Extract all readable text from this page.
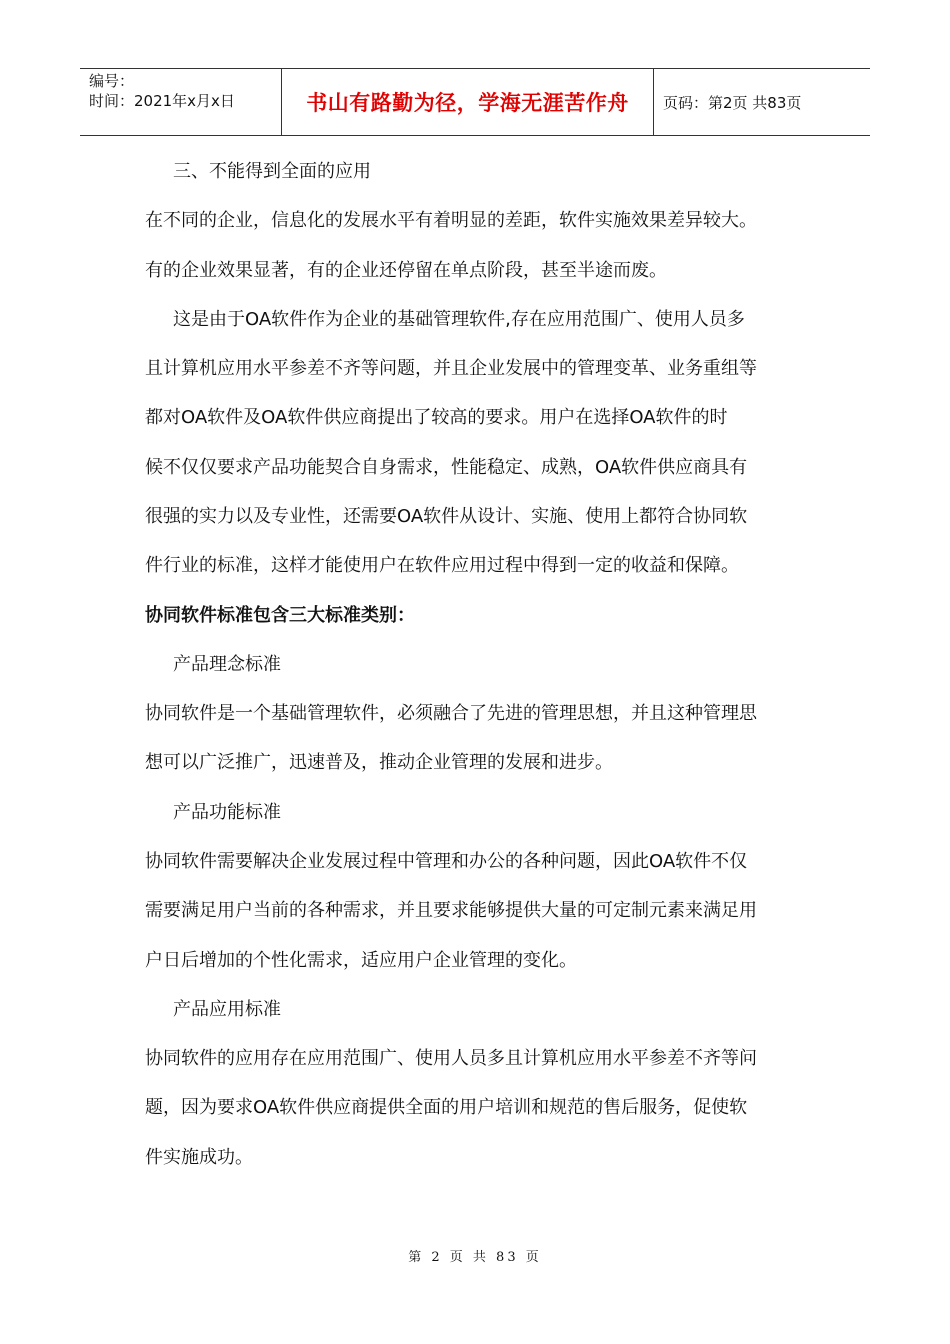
编号：
时间：2021年x月x日	书山有路勤为径，学海无涯苦作舟 页码：第2页 共83页
三、不能得到全面的应用
在不同的企业，信息化的发展水平有着明显的差距，软件实施效果差异较大。
有的企业效果显著，有的企业还停留在单点阶段，甚至半途而废。
这是由于OA软件作为企业的基础管理软件,存在应用范围广、使用人员多
且计算机应用水平参差不齐等问题，并且企业发展中的管理变革、业务重组等
都对OA软件及OA软件供应商提出了较高的要求。用户在选择OA软件的时
候不仅仅要求产品功能契合自身需求，性能稳定、成熟，OA软件供应商具有
很强的实力以及专业性，还需要OA软件从设计、实施、使用上都符合协同软
件行业的标准，这样才能使用户在软件应用过程中得到一定的收益和保障。
协同软件标准包含三大标准类别：
产品理念标准
协同软件是一个基础管理软件，必须融合了先进的管理思想，并且这种管理思
想可以广泛推广，迅速普及，推动企业管理的发展和进步。
产品功能标准
协同软件需要解决企业发展过程中管理和办公的各种问题，因此OA软件不仅
需要满足用户当前的各种需求，并且要求能够提供大量的可定制元素来满足用
户日后增加的个性化需求，适应用户企业管理的变化。
产品应用标准
协同软件的应用存在应用范围广、使用人员多且计算机应用水平参差不齐等问
题，因为要求OA软件供应商提供全面的用户培训和规范的售后服务，促使软
件实施成功。
第 2 页 共 83 页
